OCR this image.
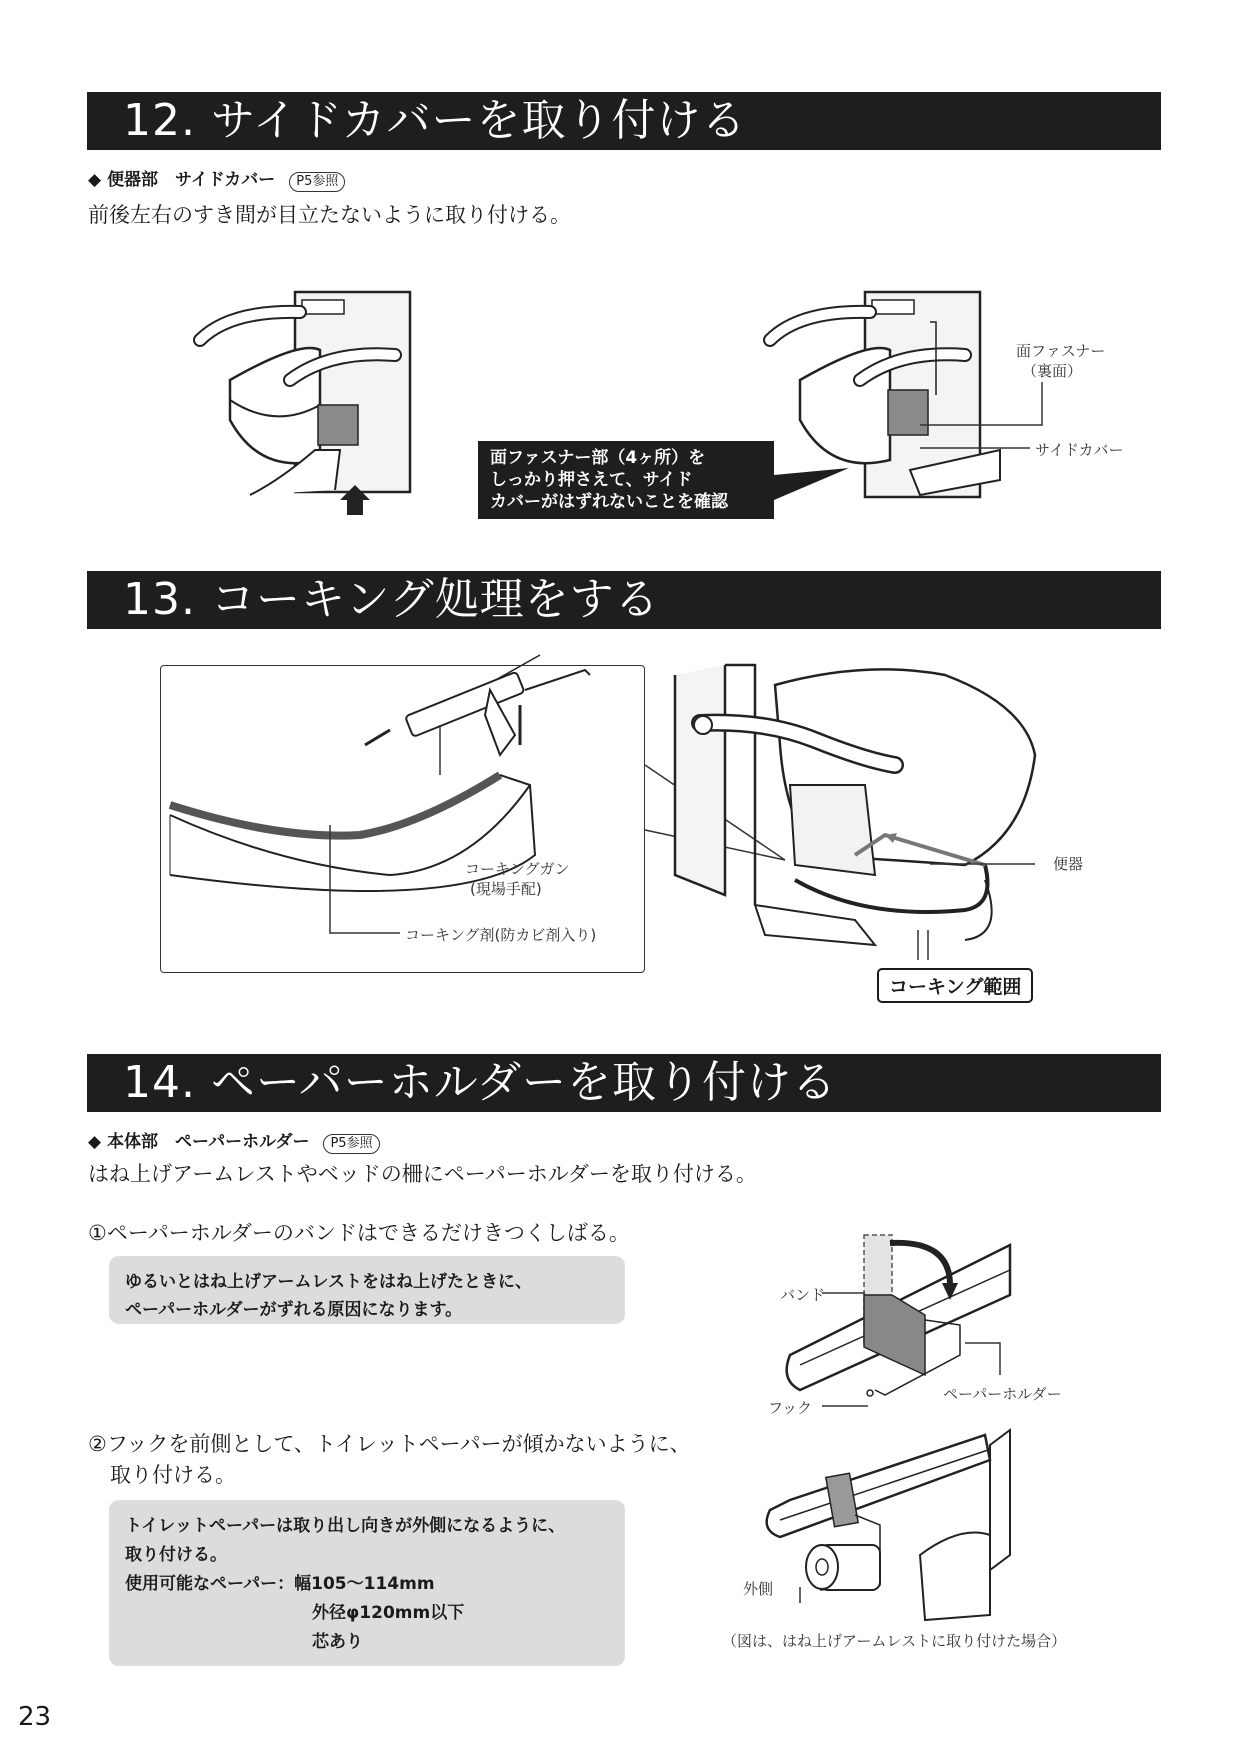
12. サイドカバーを取り付ける
◆ 便器部　サイドカバー P5参照
前後左右のすき間が目立たないように取り付ける。
面ファスナー部（4ヶ所）を
しっかり押さえて、サイド
カバーがはずれないことを確認
面ファスナー
（裏面）
サイドカバー
13. コーキング処理をする
コーキングガン
(現場手配)
コーキング剤(防カビ剤入り)
便器
コーキング範囲
14. ペーパーホルダーを取り付ける
◆ 本体部　ペーパーホルダー P5参照
はね上げアームレストやベッドの柵にペーパーホルダーを取り付ける。
①ペーパーホルダーのバンドはできるだけきつくしばる。
ゆるいとはね上げアームレストをはね上げたときに、
ペーパーホルダーがずれる原因になります。
②フックを前側として、トイレットペーパーが傾かないように、
取り付ける。
トイレットペーパーは取り出し向きが外側になるように、
取り付ける。
使用可能なペーパー：幅105〜114mm
外径φ120mm以下
芯あり
バンド
ペーパーホルダー
フック
外側
（図は、はね上げアームレストに取り付けた場合）
23
